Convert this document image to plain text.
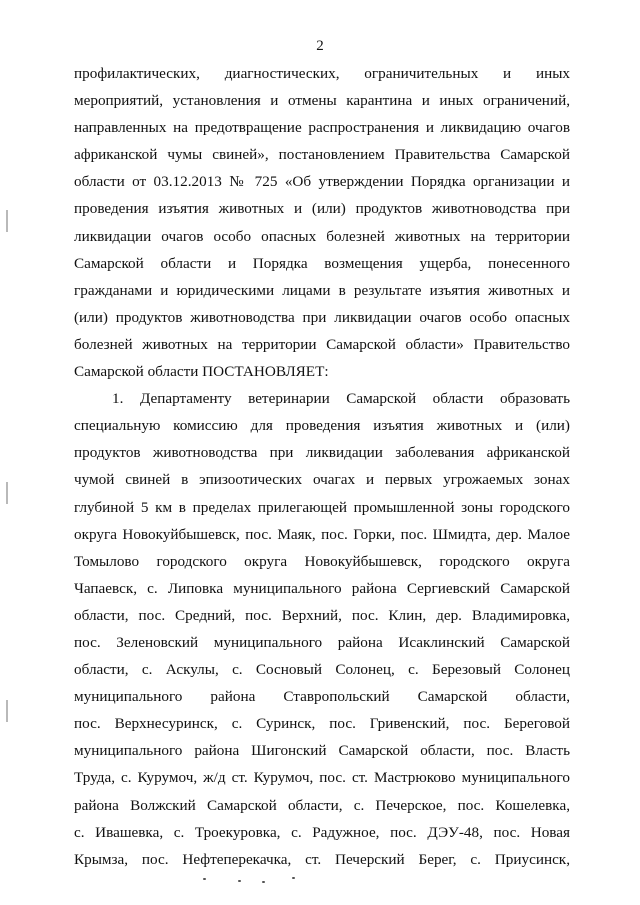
2
профилактических, диагностических, ограничительных и иных
мероприятий, установления и отмены карантина и иных ограничений,
направленных на предотвращение распространения и ликвидацию очагов
африканской чумы свиней», постановлением Правительства Самарской
области от 03.12.2013 № 725 «Об утверждении Порядка организации и
проведения изъятия животных и (или) продуктов животноводства при
ликвидации очагов особо опасных болезней животных на территории
Самарской области и Порядка возмещения ущерба, понесенного
гражданами и юридическими лицами в результате изъятия животных и
(или) продуктов животноводства при ликвидации очагов особо опасных
болезней животных на территории Самарской области» Правительство
Самарской области ПОСТАНОВЛЯЕТ:
1. Департаменту ветеринарии Самарской области образовать
специальную комиссию для проведения изъятия животных и (или)
продуктов животноводства при ликвидации заболевания африканской
чумой свиней в эпизоотических очагах и первых угрожаемых зонах
глубиной 5 км в пределах прилегающей промышленной зоны городского
округа Новокуйбышевск, пос. Маяк, пос. Горки, пос. Шмидта, дер. Малое
Томылово городского округа Новокуйбышевск, городского округа
Чапаевск, с. Липовка муниципального района Сергиевский Самарской
области, пос. Средний, пос. Верхний, пос. Клин, дер. Владимировка,
пос. Зеленовский муниципального района Исаклинский Самарской
области, с. Аскулы, с. Сосновый Солонец, с. Березовый Солонец
муниципального района Ставропольский Самарской области,
пос. Верхнесуринск, с. Суринск, пос. Гривенский, пос. Береговой
муниципального района Шигонский Самарской области, пос. Власть
Труда, с. Курумоч, ж/д ст. Курумоч, пос. ст. Мастрюково муниципального
района Волжский Самарской области, с. Печерское, пос. Кошелевка,
с. Ивашевка, с. Троекуровка, с. Радужное, пос. ДЭУ-48, пос. Новая
Крымза, пос. Нефтеперекачка, ст. Печерский Берег, с. Приусинск,
